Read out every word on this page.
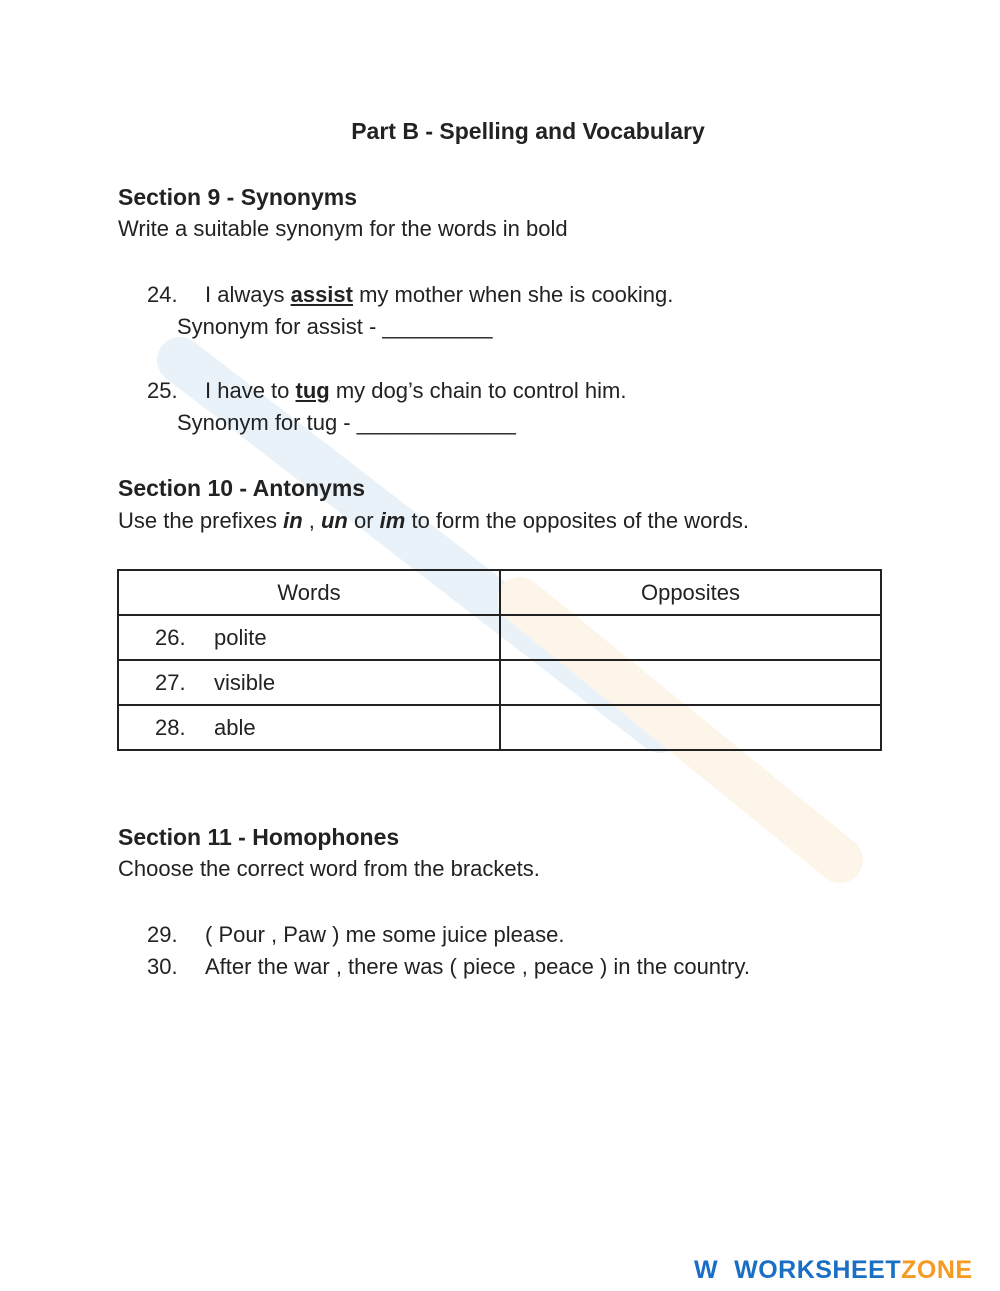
Part B - Spelling and Vocabulary
Section 9 - Synonyms
Write a suitable synonym for the words in bold
24. I always assist my mother when she is cooking.
Synonym for assist - _________
25. I have to tug my dog’s chain to control him.
Synonym for tug - _____________
Section 10 - Antonyms
Use the prefixes in , un or im to form the opposites of the words.
Words	Opposites
26. polite	
27. visible	
28. able	
Section 11 - Homophones
Choose the correct word from the brackets.
29. ( Pour , Paw ) me some juice please.
30. After the war , there was ( piece , peace ) in the country.
W WORKSHEETZONE
